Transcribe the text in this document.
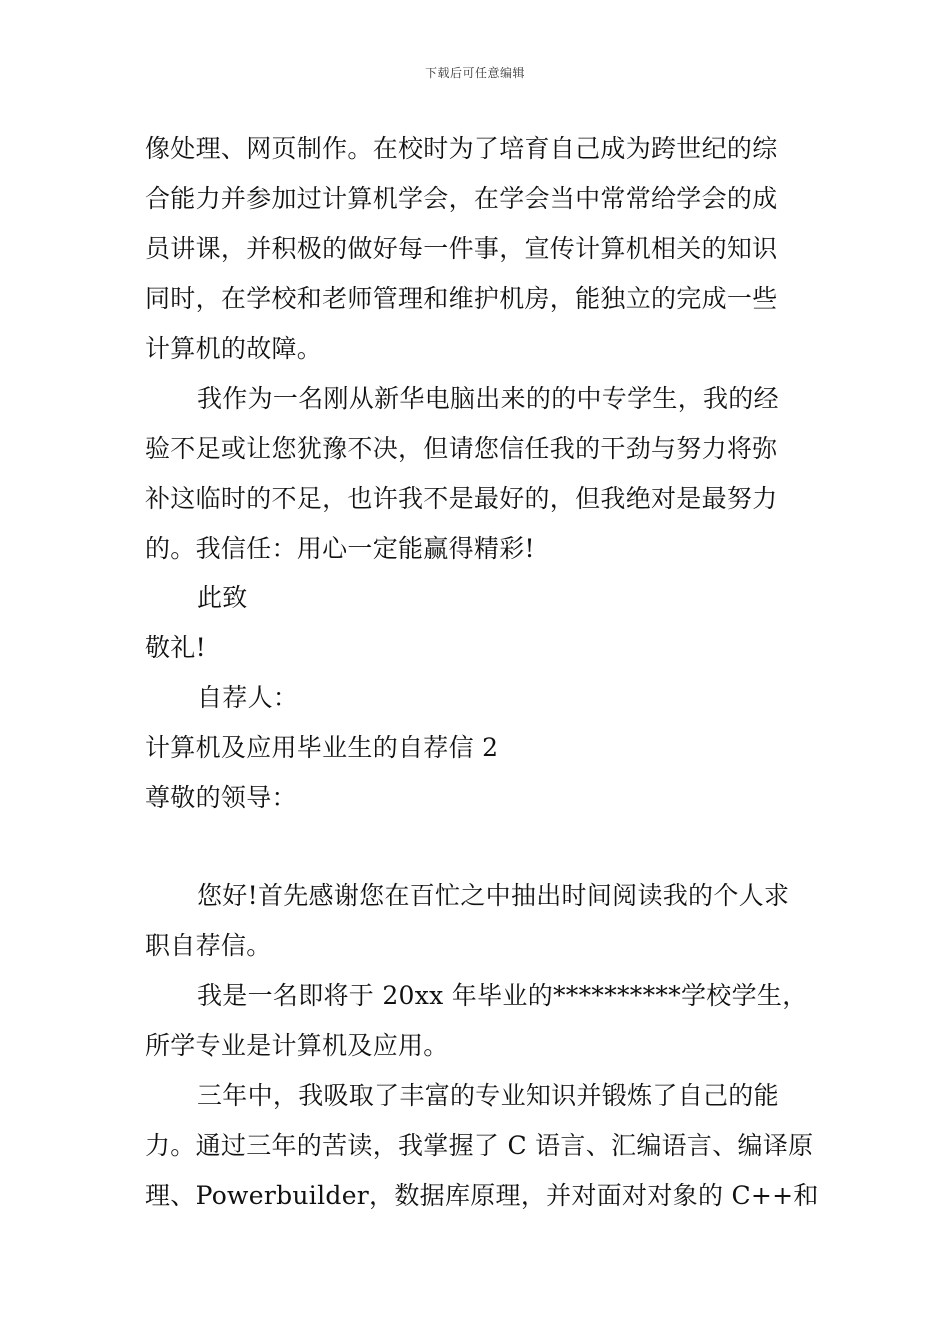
下载后可任意编辑
像处理、网页制作。在校时为了培育自己成为跨世纪的综
合能力并参加过计算机学会，在学会当中常常给学会的成
员讲课，并积极的做好每一件事，宣传计算机相关的知识
同时，在学校和老师管理和维护机房，能独立的完成一些
计算机的故障。
我作为一名刚从新华电脑出来的的中专学生，我的经
验不足或让您犹豫不决，但请您信任我的干劲与努力将弥
补这临时的不足，也许我不是最好的，但我绝对是最努力
的。我信任：用心一定能赢得精彩!
此致
敬礼!
自荐人：
计算机及应用毕业生的自荐信 2
尊敬的领导：
您好!首先感谢您在百忙之中抽出时间阅读我的个人求
职自荐信。
我是一名即将于 20xx 年毕业的**********学校学生，
所学专业是计算机及应用。
三年中，我吸取了丰富的专业知识并锻炼了自己的能
力。通过三年的苦读，我掌握了 C 语言、汇编语言、编译原
理、Powerbuilder，数据库原理，并对面对对象的 C++和
